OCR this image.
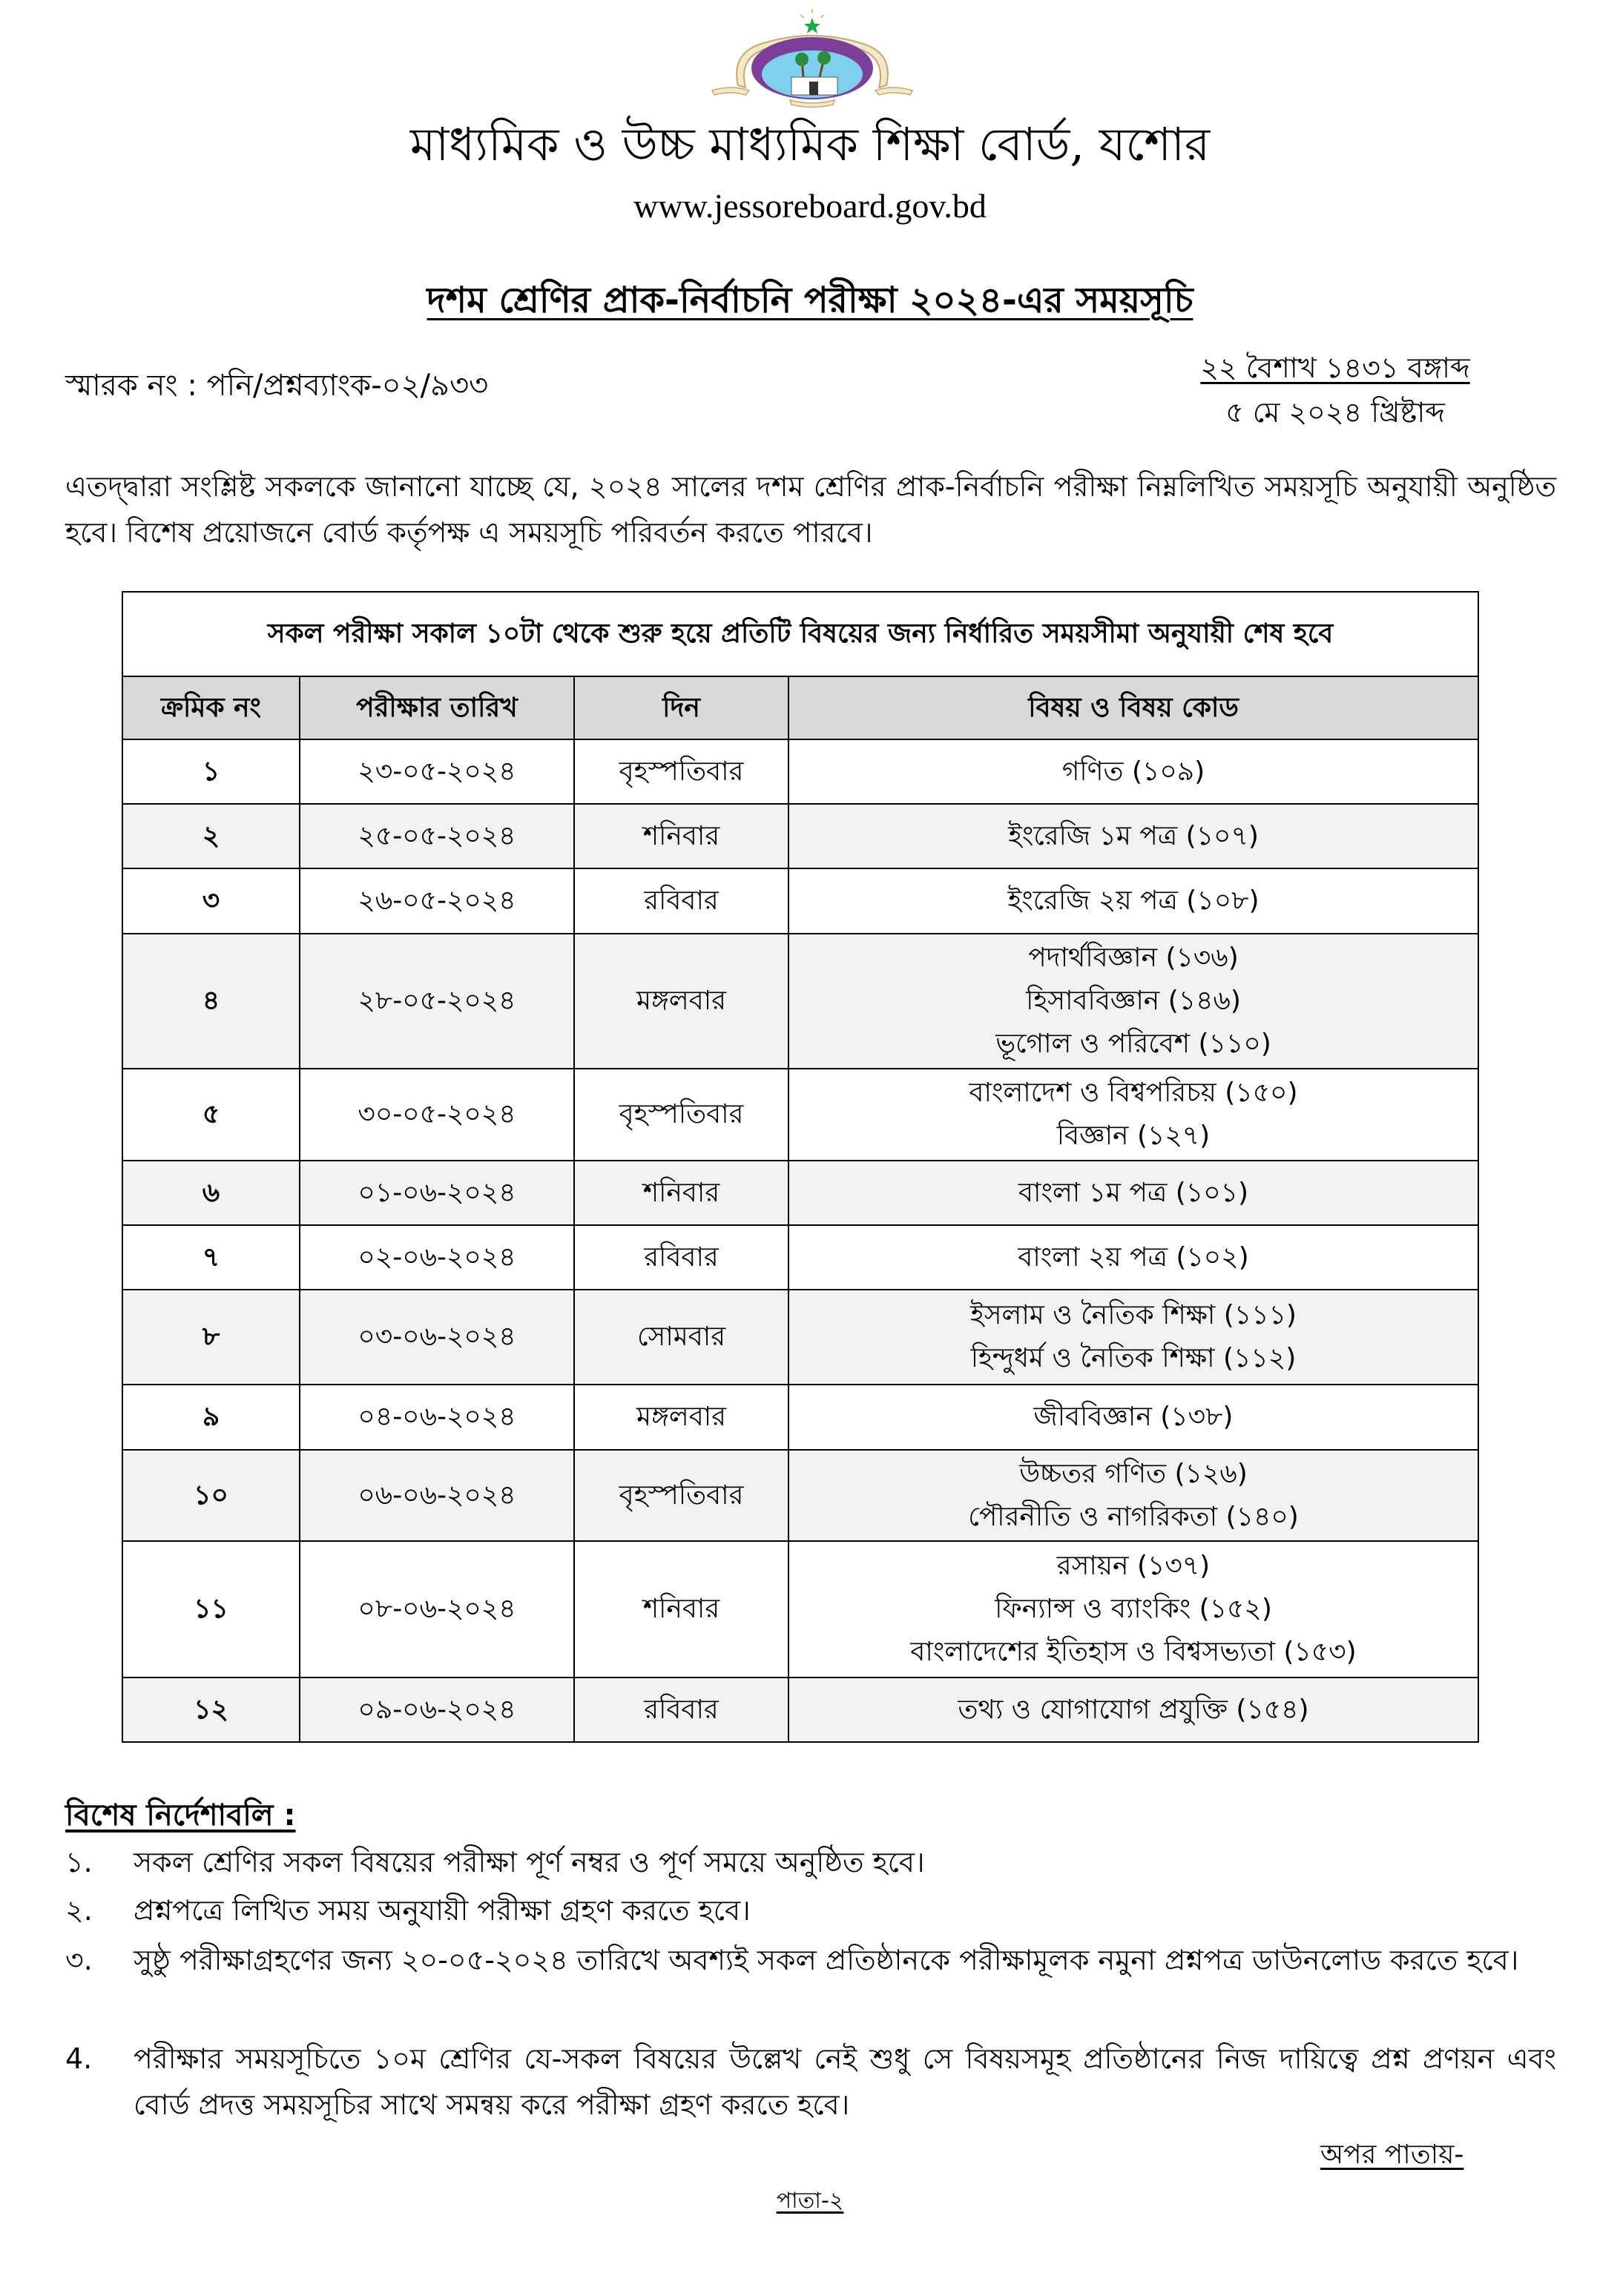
মাধ্যমিক ও উচ্চ মাধ্যমিক শিক্ষা বোর্ড, যশোর
www.jessoreboard.gov.bd
দশম শ্রেণির প্রাক-নির্বাচনি পরীক্ষা ২০২৪-এর সময়সূচি
স্মারক নং : পনি/প্রশ্নব্যাংক-০২/৯৩৩
২২ বৈশাখ ১৪৩১ বঙ্গাব্দ
৫ মে ২০২৪ খ্রিষ্টাব্দ
এতদ্দ্বারা সংশ্লিষ্ট সকলকে জানানো যাচ্ছে যে, ২০২৪ সালের দশম শ্রেণির প্রাক-নির্বাচনি পরীক্ষা নিম্নলিখিত সময়সূচি অনুযায়ী অনুষ্ঠিত হবে। বিশেষ প্রয়োজনে বোর্ড কর্তৃপক্ষ এ সময়সূচি পরিবর্তন করতে পারবে।
সকল পরীক্ষা সকাল ১০টা থেকে শুরু হয়ে প্রতিটি বিষয়ের জন্য নির্ধারিত সময়সীমা অনুযায়ী শেষ হবে			
ক্রমিক নং	পরীক্ষার তারিখ	দিন	বিষয় ও বিষয় কোড
১	২৩-০৫-২০২৪	বৃহস্পতিবার	গণিত (১০৯)

২	২৫-০৫-২০২৪	শনিবার	ইংরেজি ১ম পত্র (১০৭)

৩	২৬-০৫-২০২৪	রবিবার	ইংরেজি ২য় পত্র (১০৮)

৪	২৮-০৫-২০২৪	মঙ্গলবার	পদার্থবিজ্ঞান (১৩৬)
হিসাববিজ্ঞান (১৪৬)
ভূগোল ও পরিবেশ (১১০)

৫	৩০-০৫-২০২৪	বৃহস্পতিবার	বাংলাদেশ ও বিশ্বপরিচয় (১৫০)
বিজ্ঞান (১২৭)

৬	০১-০৬-২০২৪	শনিবার	বাংলা ১ম পত্র (১০১)

৭	০২-০৬-২০২৪	রবিবার	বাংলা ২য় পত্র (১০২)

৮	০৩-০৬-২০২৪	সোমবার	ইসলাম ও নৈতিক শিক্ষা (১১১)
হিন্দুধর্ম ও নৈতিক শিক্ষা (১১২)

৯	০৪-০৬-২০২৪	মঙ্গলবার	জীববিজ্ঞান (১৩৮)

১০	০৬-০৬-২০২৪	বৃহস্পতিবার	উচ্চতর গণিত (১২৬)
পৌরনীতি ও নাগরিকতা (১৪০)

১১	০৮-০৬-২০২৪	শনিবার	রসায়ন (১৩৭)
ফিন্যান্স ও ব্যাংকিং (১৫২)
বাংলাদেশের ইতিহাস ও বিশ্বসভ্যতা (১৫৩)

১২	০৯-০৬-২০২৪	রবিবার	তথ্য ও যোগাযোগ প্রযুক্তি (১৫৪)
বিশেষ নির্দেশাবলি :
১.	সকল শ্রেণির সকল বিষয়ের পরীক্ষা পূর্ণ নম্বর ও পূর্ণ সময়ে অনুষ্ঠিত হবে।
২.	প্রশ্নপত্রে লিখিত সময় অনুযায়ী পরীক্ষা গ্রহণ করতে হবে।
৩.	সুষ্ঠু পরীক্ষাগ্রহণের জন্য ২০-০৫-২০২৪ তারিখে অবশ্যই সকল প্রতিষ্ঠানকে পরীক্ষামূলক নমুনা প্রশ্নপত্র ডাউনলোড করতে হবে।
4.	পরীক্ষার সময়সূচিতে ১০ম শ্রেণির যে-সকল বিষয়ের উল্লেখ নেই শুধু সে বিষয়সমূহ প্রতিষ্ঠানের নিজ দায়িত্বে প্রশ্ন প্রণয়ন এবং বোর্ড প্রদত্ত সময়সূচির সাথে সমন্বয় করে পরীক্ষা গ্রহণ করতে হবে।
অপর পাতায়-
পাতা-২
